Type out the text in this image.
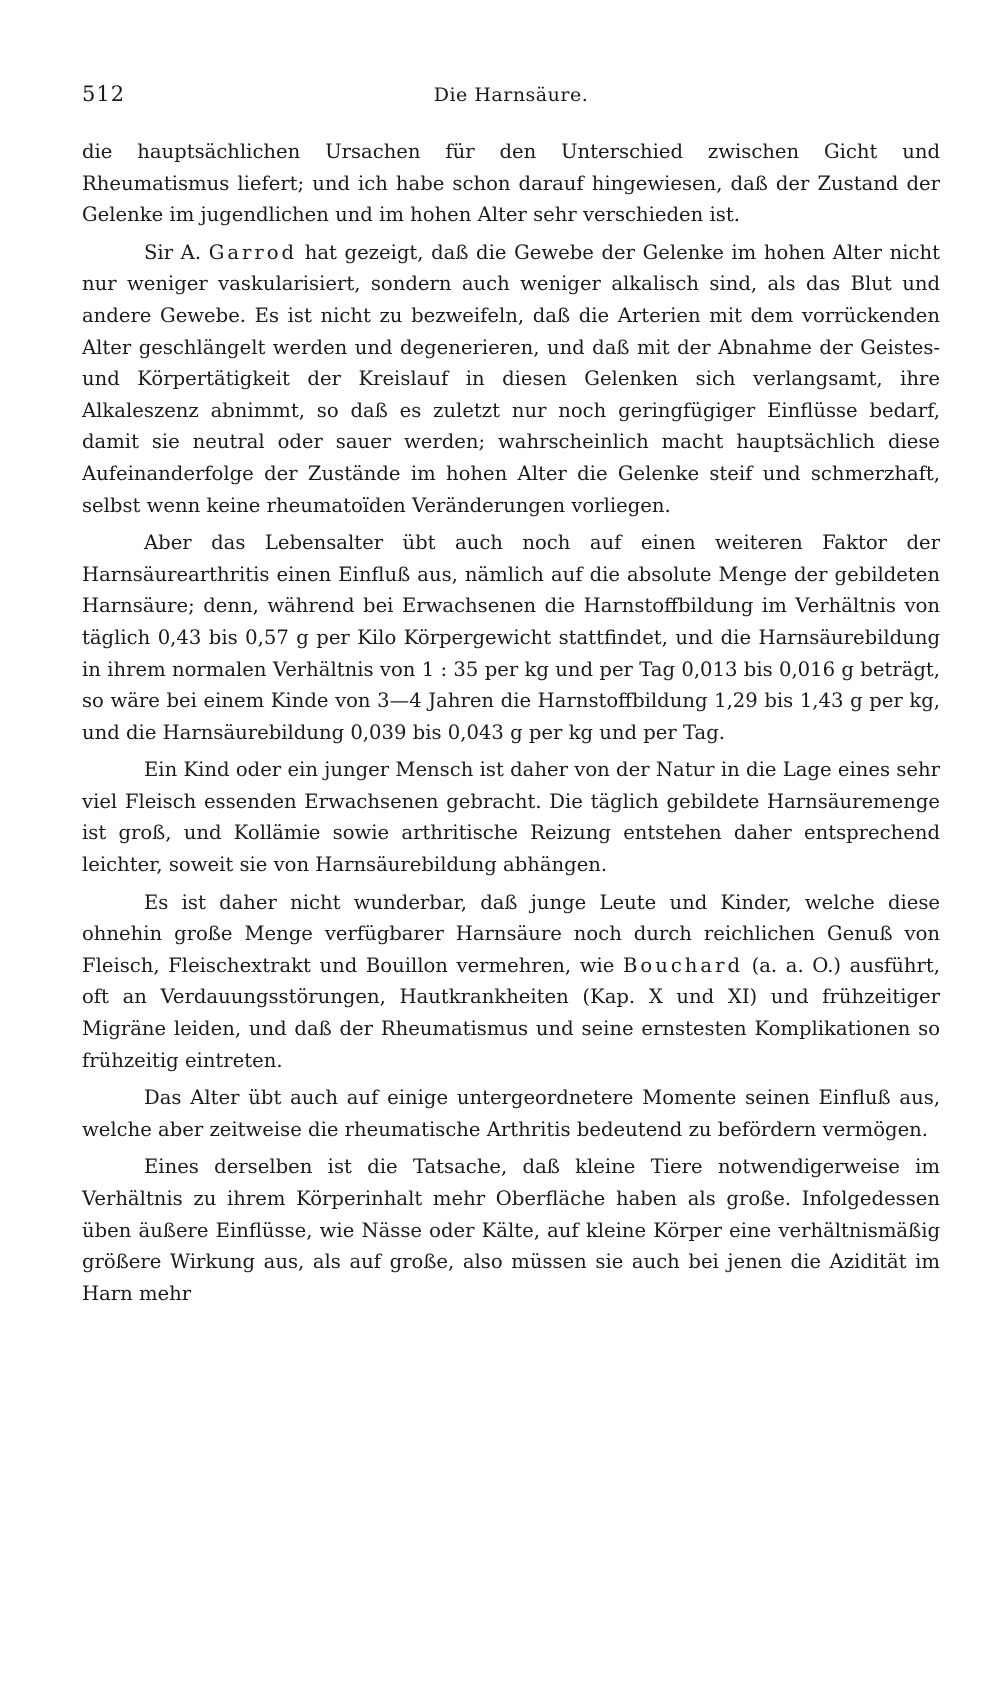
512	Die Harnsäure.

die hauptsächlichen Ursachen für den Unterschied zwischen Gicht und Rheumatismus liefert; und ich habe schon darauf hingewiesen, daß der Zustand der Gelenke im jugendlichen und im hohen Alter sehr verschieden ist.

Sir A. Garrod hat gezeigt, daß die Gewebe der Gelenke im hohen Alter nicht nur weniger vaskularisiert, sondern auch weniger alkalisch sind, als das Blut und andere Gewebe. Es ist nicht zu bezweifeln, daß die Arterien mit dem vorrückenden Alter geschlängelt werden und degenerieren, und daß mit der Abnahme der Geistes- und Körpertätigkeit der Kreislauf in diesen Gelenken sich verlangsamt, ihre Alkaleszenz abnimmt, so daß es zuletzt nur noch geringfügiger Einflüsse bedarf, damit sie neutral oder sauer werden; wahrscheinlich macht hauptsächlich diese Aufeinanderfolge der Zustände im hohen Alter die Gelenke steif und schmerzhaft, selbst wenn keine rheumatoïden Veränderungen vorliegen.

Aber das Lebensalter übt auch noch auf einen weiteren Faktor der Harnsäurearthritis einen Einfluß aus, nämlich auf die absolute Menge der gebildeten Harnsäure; denn, während bei Erwachsenen die Harnstoffbildung im Verhältnis von täglich 0,43 bis 0,57 g per Kilo Körpergewicht stattfindet, und die Harnsäurebildung in ihrem normalen Verhältnis von 1 : 35 per kg und per Tag 0,013 bis 0,016 g beträgt, so wäre bei einem Kinde von 3—4 Jahren die Harnstoffbildung 1,29 bis 1,43 g per kg, und die Harnsäurebildung 0,039 bis 0,043 g per kg und per Tag.

Ein Kind oder ein junger Mensch ist daher von der Natur in die Lage eines sehr viel Fleisch essenden Erwachsenen gebracht. Die täglich gebildete Harnsäuremenge ist groß, und Kollämie sowie arthritische Reizung entstehen daher entsprechend leichter, soweit sie von Harnsäurebildung abhängen.

Es ist daher nicht wunderbar, daß junge Leute und Kinder, welche diese ohnehin große Menge verfügbarer Harnsäure noch durch reichlichen Genuß von Fleisch, Fleischextrakt und Bouillon vermehren, wie Bouchard (a. a. O.) ausführt, oft an Verdauungsstörungen, Hautkrankheiten (Kap. X und XI) und frühzeitiger Migräne leiden, und daß der Rheumatismus und seine ernstesten Komplikationen so frühzeitig eintreten.

Das Alter übt auch auf einige untergeordnetere Momente seinen Einfluß aus, welche aber zeitweise die rheumatische Arthritis bedeutend zu befördern vermögen.

Eines derselben ist die Tatsache, daß kleine Tiere notwendigerweise im Verhältnis zu ihrem Körperinhalt mehr Oberfläche haben als große. Infolgedessen üben äußere Einflüsse, wie Nässe oder Kälte, auf kleine Körper eine verhältnismäßig größere Wirkung aus, als auf große, also müssen sie auch bei jenen die Azidität im Harn mehr
